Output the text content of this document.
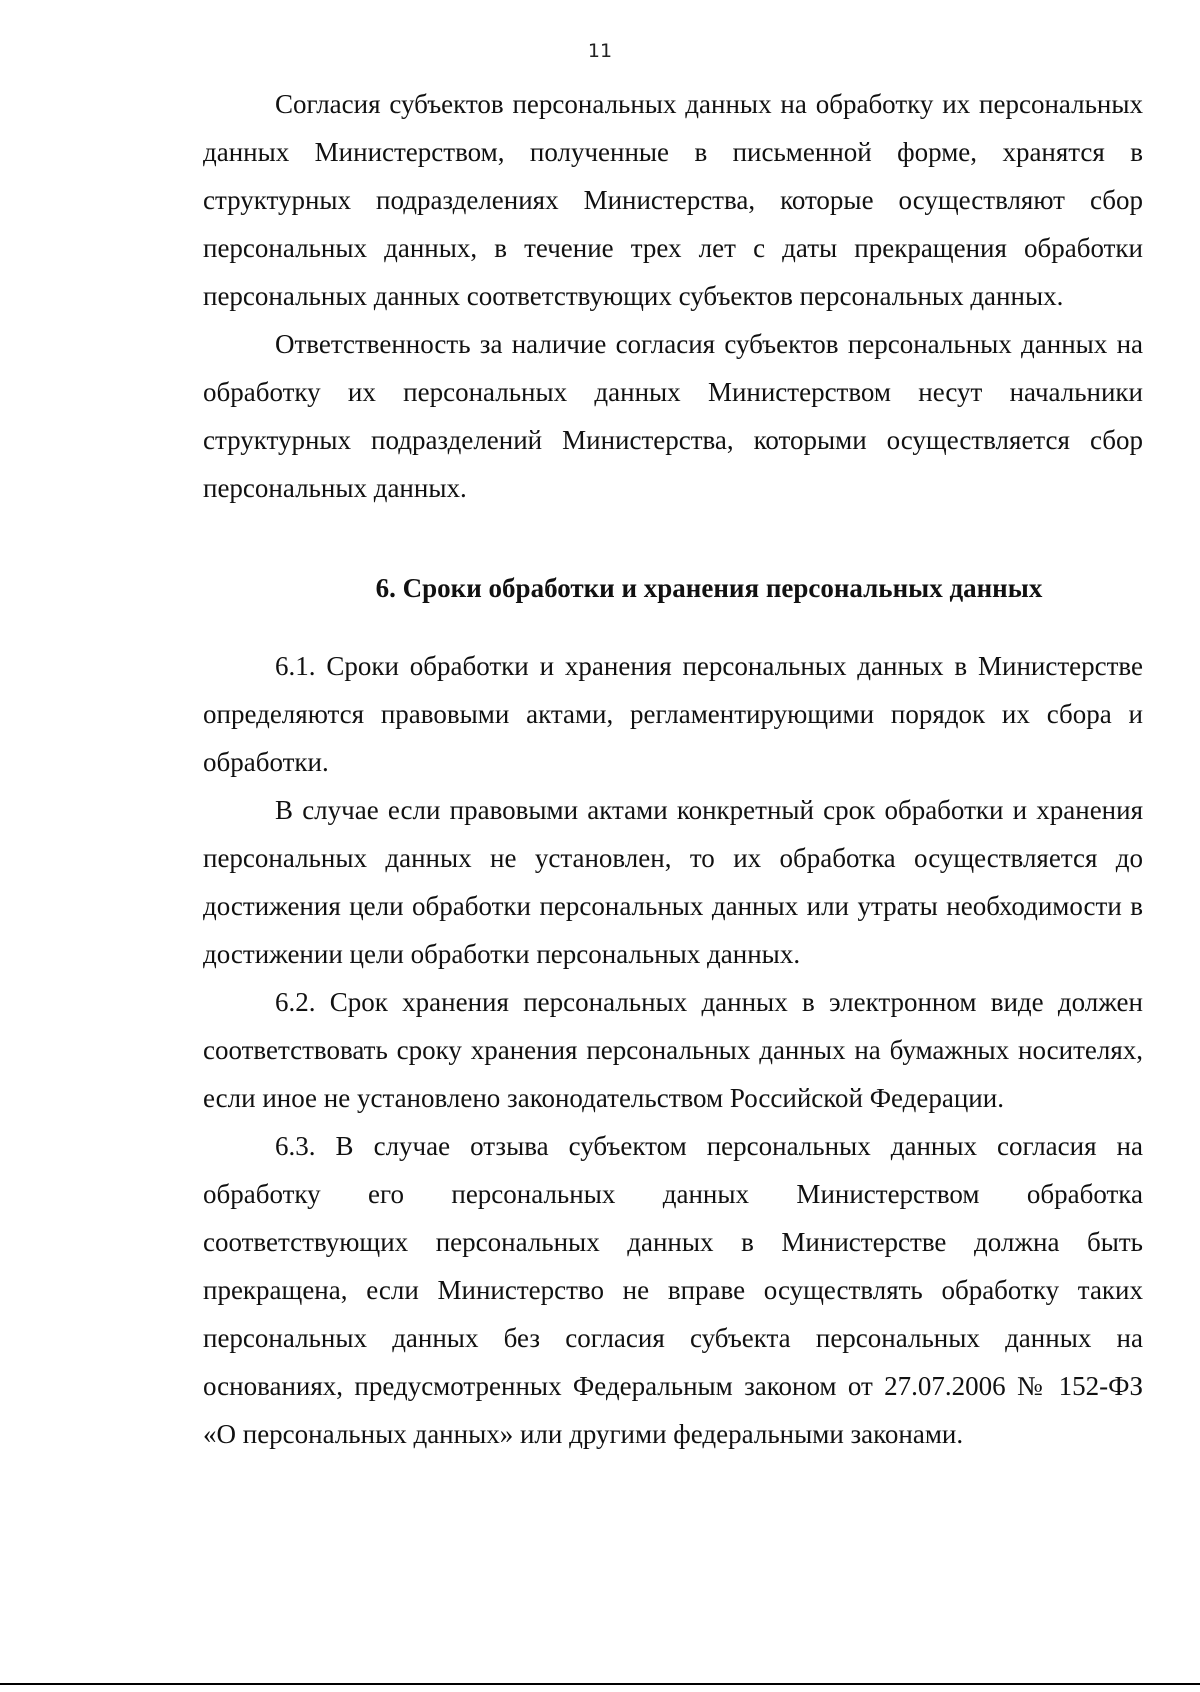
11

Согласия субъектов персональных данных на обработку их персональных данных Министерством, полученные в письменной форме, хранятся в структурных подразделениях Министерства, которые осуществляют сбор персональных данных, в течение трех лет с даты прекращения обработки персональных данных соответствующих субъектов персональных данных.

Ответственность за наличие согласия субъектов персональных данных на обработку их персональных данных Министерством несут начальники структурных подразделений Министерства, которыми осуществляется сбор персональных данных.

6. Сроки обработки и хранения персональных данных

6.1. Сроки обработки и хранения персональных данных в Министерстве определяются правовыми актами, регламентирующими порядок их сбора и обработки.

В случае если правовыми актами конкретный срок обработки и хранения персональных данных не установлен, то их обработка осуществляется до достижения цели обработки персональных данных или утраты необходимости в достижении цели обработки персональных данных.

6.2. Срок хранения персональных данных в электронном виде должен соответствовать сроку хранения персональных данных на бумажных носителях, если иное не установлено законодательством Российской Федерации.

6.3. В случае отзыва субъектом персональных данных согласия на обработку его персональных данных Министерством обработка соответствующих персональных данных в Министерстве должна быть прекращена, если Министерство не вправе осуществлять обработку таких персональных данных без согласия субъекта персональных данных на основаниях, предусмотренных Федеральным законом от 27.07.2006 № 152-ФЗ «О персональных данных» или другими федеральными законами.
